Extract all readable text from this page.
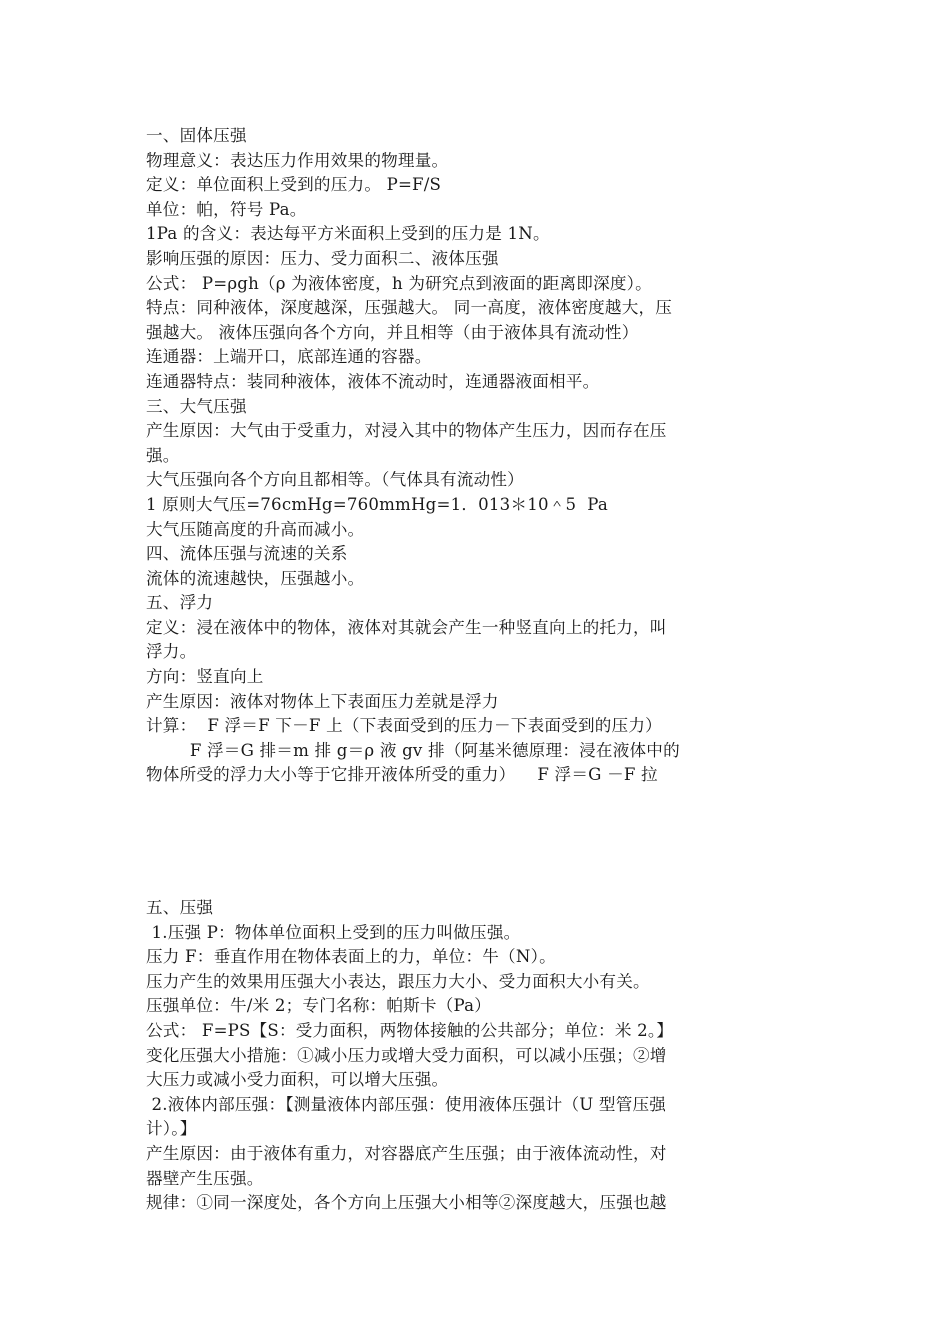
一、固体压强
物理意义：表达压力作用效果的物理量。
定义：单位面积上受到的压力。 P=F/S
单位：帕，符号 Pa。
1Pa 的含义：表达每平方米面积上受到的压力是 1N。
影响压强的原因：压力、受力面积二、液体压强
公式： P=ρgh（ρ 为液体密度，h 为研究点到液面的距离即深度）。
特点：同种液体，深度越深，压强越大。 同一高度，液体密度越大，压
强越大。 液体压强向各个方向，并且相等（由于液体具有流动性）
连通器：上端开口，底部连通的容器。
连通器特点：装同种液体，液体不流动时，连通器液面相平。
三、大气压强
产生原因：大气由于受重力，对浸入其中的物体产生压力，因而存在压
强。
大气压强向各个方向且都相等。（气体具有流动性）
1 原则大气压=76cmHg=760mmHg=1．013＊10＾5  Pa
大气压随高度的升高而减小。
四、流体压强与流速的关系
流体的流速越快，压强越小。
五、浮力
定义：浸在液体中的物体，液体对其就会产生一种竖直向上的托力，叫
浮力。
方向：竖直向上
产生原因：液体对物体上下表面压力差就是浮力
计算：  F 浮＝F 下－F 上（下表面受到的压力－下表面受到的压力）
F 浮＝G 排＝m 排 g＝ρ 液 gv 排（阿基米德原理：浸在液体中的
物体所受的浮力大小等于它排开液体所受的重力）    F 浮＝G －F 拉
五、压强
1.压强 P：物体单位面积上受到的压力叫做压强。
压力 F：垂直作用在物体表面上的力，单位：牛（N）。
压力产生的效果用压强大小表达，跟压力大小、受力面积大小有关。
压强单位：牛/米 2；专门名称：帕斯卡（Pa）
公式： F=PS【S：受力面积，两物体接触的公共部分；单位：米 2。】
变化压强大小措施：①减小压力或增大受力面积，可以减小压强；②增
大压力或减小受力面积，可以增大压强。
2.液体内部压强：【测量液体内部压强：使用液体压强计（U 型管压强
计）。】
产生原因：由于液体有重力，对容器底产生压强；由于液体流动性，对
器壁产生压强。
规律：①同一深度处，各个方向上压强大小相等②深度越大，压强也越
